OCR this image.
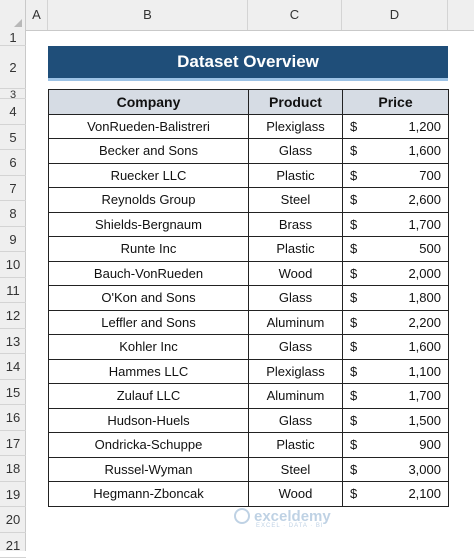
A	B	C	D
1
2
3
4
5
6
7
8
9
10
11
12
13
14
15
16
17
18
19
20
21
Dataset Overview
Company	Product	Price
VonRueden-Balistreri	Plexiglass	$ 1,200

Becker and Sons	Glass	$ 1,600

Ruecker LLC	Plastic	$ 700

Reynolds Group	Steel	$ 2,600

Shields-Bergnaum	Brass	$ 1,700

Runte Inc	Plastic	$ 500

Bauch-VonRueden	Wood	$ 2,000

O'Kon and Sons	Glass	$ 1,800

Leffler and Sons	Aluminum	$ 2,200

Kohler Inc	Glass	$ 1,600

Hammes LLC	Plexiglass	$ 1,100

Zulauf LLC	Aluminum	$ 1,700

Hudson-Huels	Glass	$ 1,500

Ondricka-Schuppe	Plastic	$ 900

Russel-Wyman	Steel	$ 3,000

Hegmann-Zboncak	Wood	$ 2,100
exceldemy
EXCEL · DATA · BI
